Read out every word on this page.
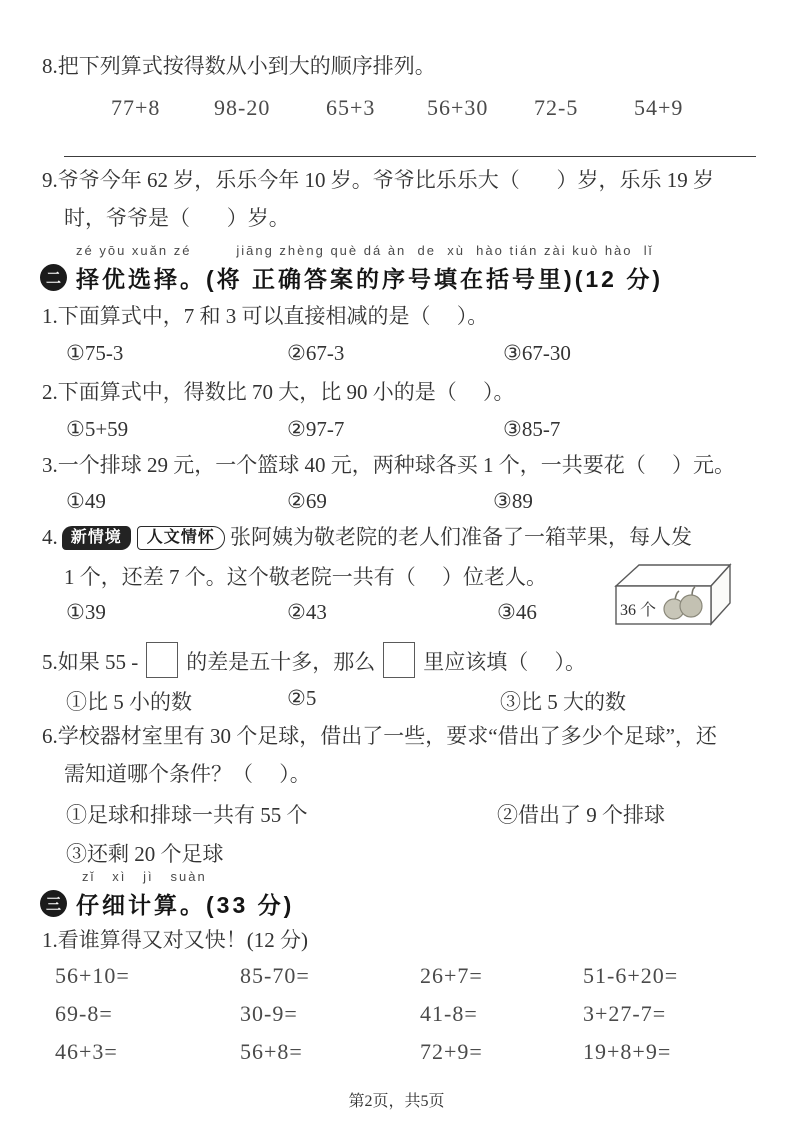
8.把下列算式按得数从小到大的顺序排列。
77+8 98-20	65+3 56+30 72-5	54+9
9.爷爷今年 62 岁，乐乐今年 10 岁。爷爷比乐乐大（       ）岁，乐乐 19 岁
时，爷爷是（       ）岁。
zé yōu xuǎn zé        jiāng zhèng què dá àn  de  xù  hào tián zài kuò hào  lǐ
二 择优选择。(将 正确答案的序号填在括号里)(12 分)
1.下面算式中，7 和 3 可以直接相减的是（     ）。
①75-3	②67-3	③67-30
2.下面算式中，得数比 70 大，比 90 小的是（     ）。
①5+59	②97-7	③85-7
3.一个排球 29 元，一个篮球 40 元，两种球各买 1 个，一共要花（     ）元。
①49	②69	③89
4. 新情境 人文情怀 张阿姨为敬老院的老人们准备了一箱苹果，每人发
1 个，还差 7 个。这个敬老院一共有（     ）位老人。
①39	②43	③46	36 个
5.如果 55 - 的差是五十多，那么 里应该填（     ）。
①比 5 小的数	②5	③比 5 大的数
6.学校器材室里有 30 个足球，借出了一些，要求“借出了多少个足球”，还
需知道哪个条件？（     ）。
①足球和排球一共有 55 个	②借出了 9 个排球
③还剩 20 个足球
zǐ   xì   jì   suàn
三 仔细计算。(33 分)
1.看谁算得又对又快！(12 分)
56+10=	85-70=	26+7=	51-6+20=
69-8=	30-9=	41-8=	3+27-7=
46+3=	56+8=	72+9=	19+8+9=
第2页，共5页
